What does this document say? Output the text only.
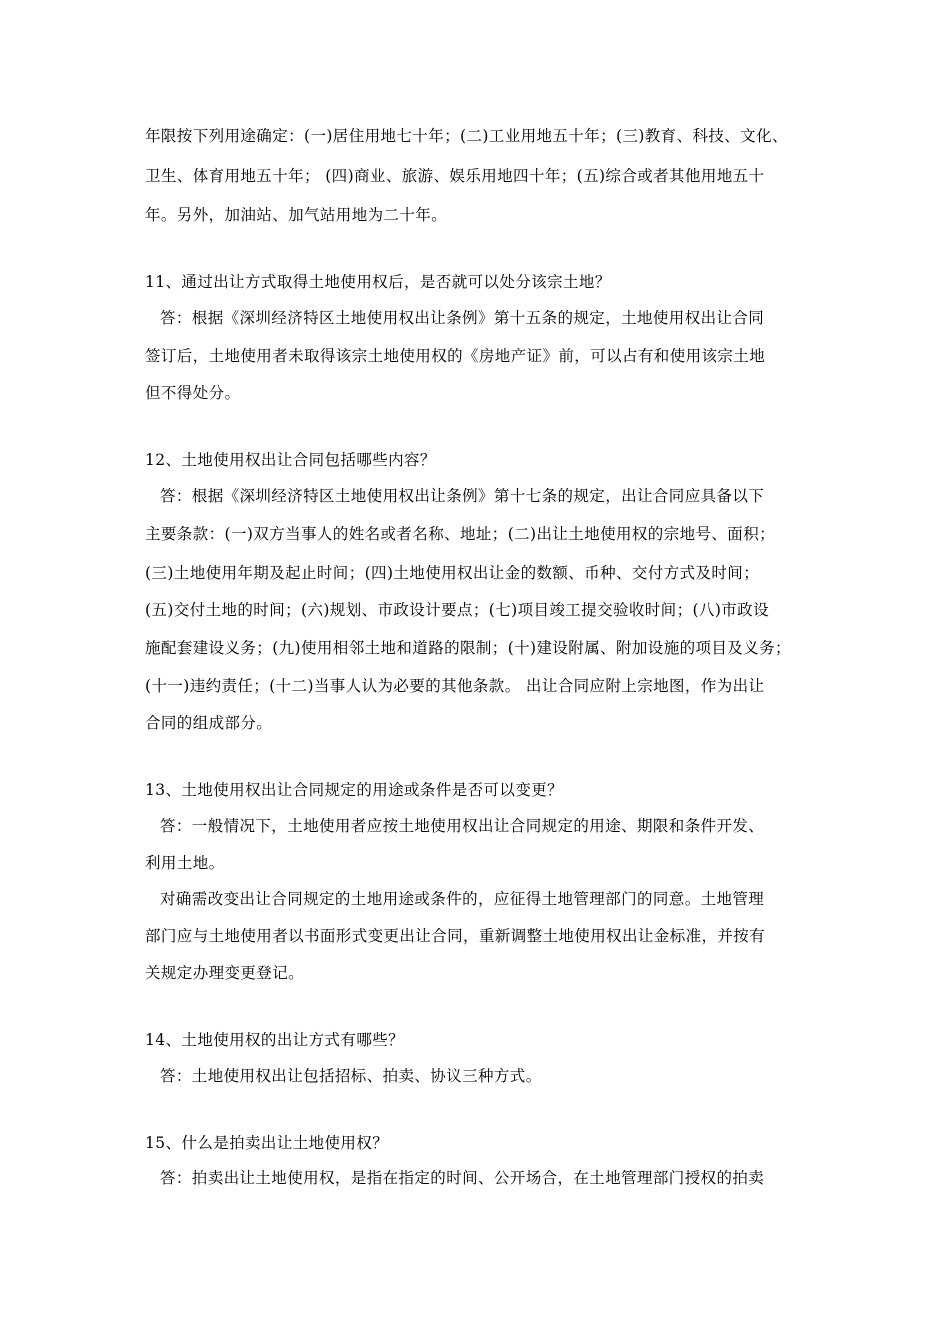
年限按下列用途确定：(一)居住用地七十年；(二)工业用地五十年；(三)教育、科技、文化、
卫生、体育用地五十年； (四)商业、旅游、娱乐用地四十年；(五)综合或者其他用地五十
年。另外，加油站、加气站用地为二十年。
11、通过出让方式取得土地使用权后，是否就可以处分该宗土地？
答：根据《深圳经济特区土地使用权出让条例》第十五条的规定，土地使用权出让合同
签订后，土地使用者未取得该宗土地使用权的《房地产证》前，可以占有和使用该宗土地
但不得处分。
12、土地使用权出让合同包括哪些内容？
答：根据《深圳经济特区土地使用权出让条例》第十七条的规定，出让合同应具备以下
主要条款：(一)双方当事人的姓名或者名称、地址；(二)出让土地使用权的宗地号、面积；
(三)土地使用年期及起止时间；(四)土地使用权出让金的数额、币种、交付方式及时间；
(五)交付土地的时间；(六)规划、市政设计要点；(七)项目竣工提交验收时间；(八)市政设
施配套建设义务；(九)使用相邻土地和道路的限制；(十)建设附属、附加设施的项目及义务；
(十一)违约责任；(十二)当事人认为必要的其他条款。 出让合同应附上宗地图，作为出让
合同的组成部分。
13、土地使用权出让合同规定的用途或条件是否可以变更？
答：一般情况下，土地使用者应按土地使用权出让合同规定的用途、期限和条件开发、
利用土地。
对确需改变出让合同规定的土地用途或条件的，应征得土地管理部门的同意。土地管理
部门应与土地使用者以书面形式变更出让合同，重新调整土地使用权出让金标准，并按有
关规定办理变更登记。
14、土地使用权的出让方式有哪些？
答：土地使用权出让包括招标、拍卖、协议三种方式。
15、什么是拍卖出让土地使用权？
答：拍卖出让土地使用权，是指在指定的时间、公开场合，在土地管理部门授权的拍卖
